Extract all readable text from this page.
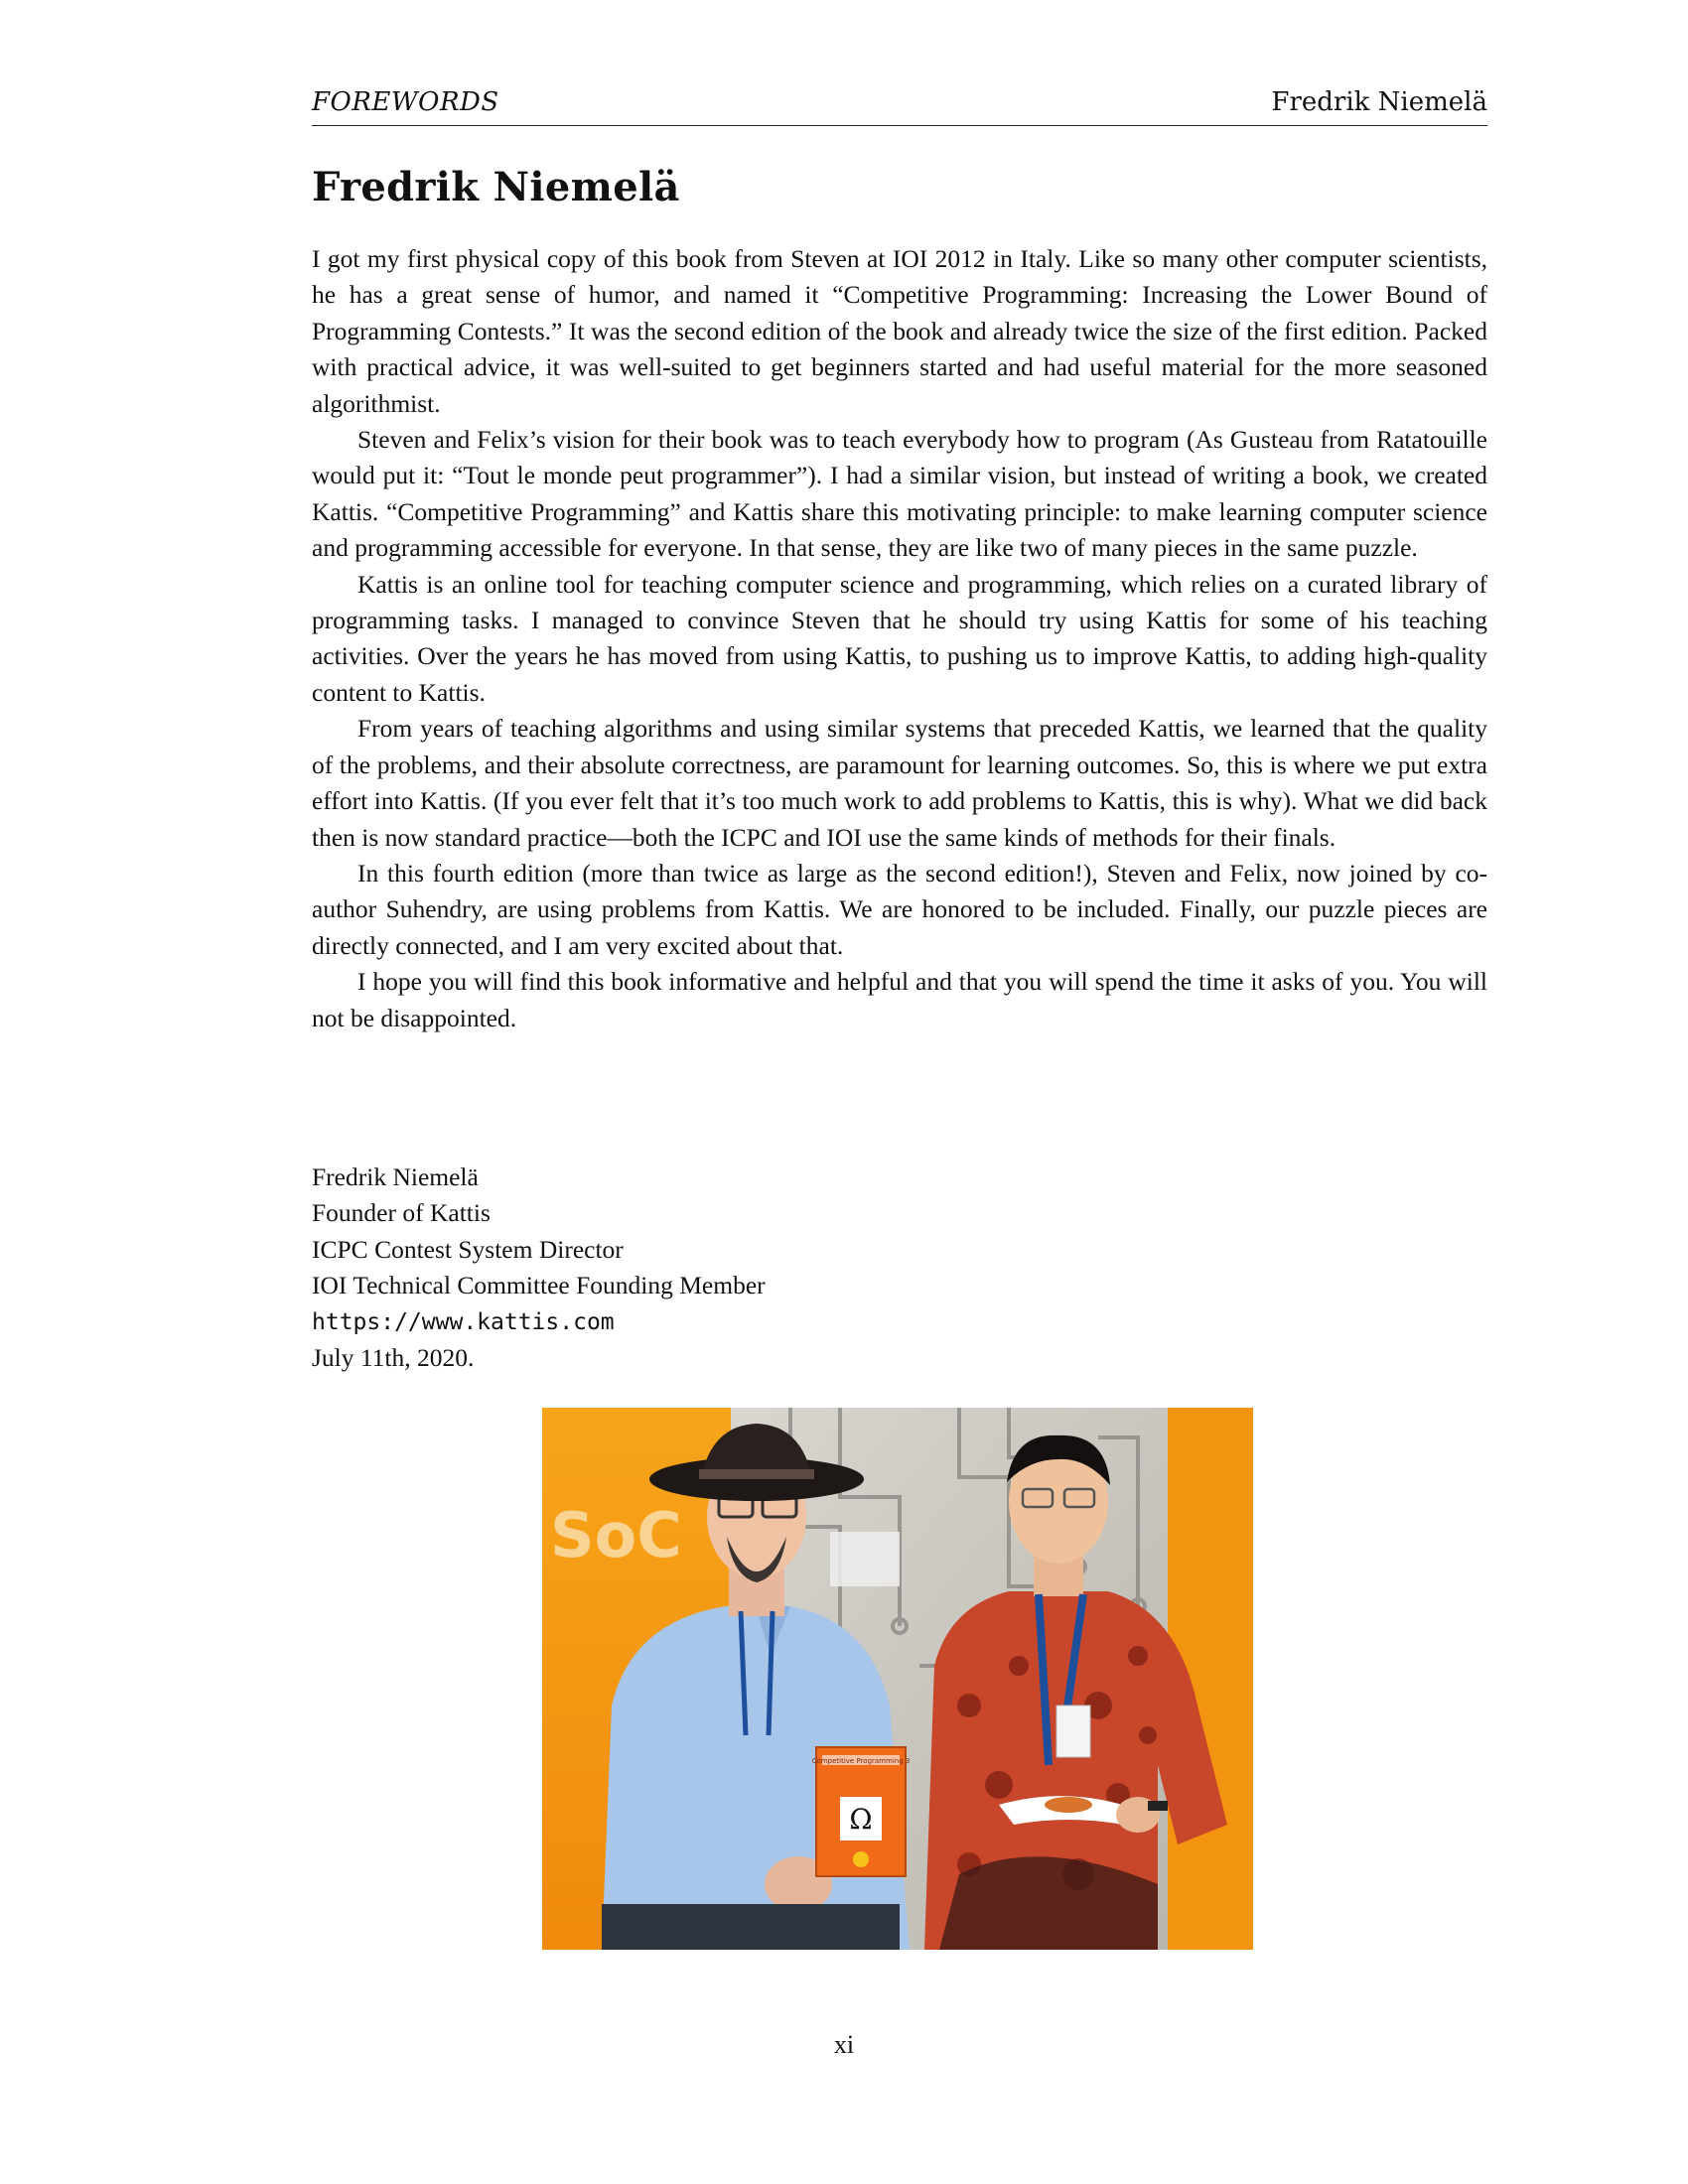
FOREWORDS	Fredrik Niemelä
Fredrik Niemelä

I got my first physical copy of this book from Steven at IOI 2012 in Italy. Like so many other computer scientists, he has a great sense of humor, and named it “Competitive Programming: Increasing the Lower Bound of Programming Contests.” It was the second edition of the book and already twice the size of the first edition. Packed with practical advice, it was well-suited to get beginners started and had useful material for the more seasoned algorithmist.

Steven and Felix’s vision for their book was to teach everybody how to program (As Gusteau from Ratatouille would put it: “Tout le monde peut programmer”). I had a similar vision, but instead of writing a book, we created Kattis. “Competitive Programming” and Kattis share this motivating principle: to make learning computer science and programming accessible for everyone. In that sense, they are like two of many pieces in the same puzzle.

Kattis is an online tool for teaching computer science and programming, which relies on a curated library of programming tasks. I managed to convince Steven that he should try using Kattis for some of his teaching activities. Over the years he has moved from using Kattis, to pushing us to improve Kattis, to adding high-quality content to Kattis.

From years of teaching algorithms and using similar systems that preceded Kattis, we learned that the quality of the problems, and their absolute correctness, are paramount for learning outcomes. So, this is where we put extra effort into Kattis. (If you ever felt that it’s too much work to add problems to Kattis, this is why). What we did back then is now standard practice—both the ICPC and IOI use the same kinds of methods for their finals.

In this fourth edition (more than twice as large as the second edition!), Steven and Felix, now joined by co-author Suhendry, are using problems from Kattis. We are honored to be included. Finally, our puzzle pieces are directly connected, and I am very excited about that.

I hope you will find this book informative and helpful and that you will spend the time it asks of you. You will not be disappointed.

Fredrik Niemelä
Founder of Kattis
ICPC Contest System Director
IOI Technical Committee Founding Member
https://www.kattis.com
July 11th, 2020.
SoC
Competitive Programming 3
Ω
xi
